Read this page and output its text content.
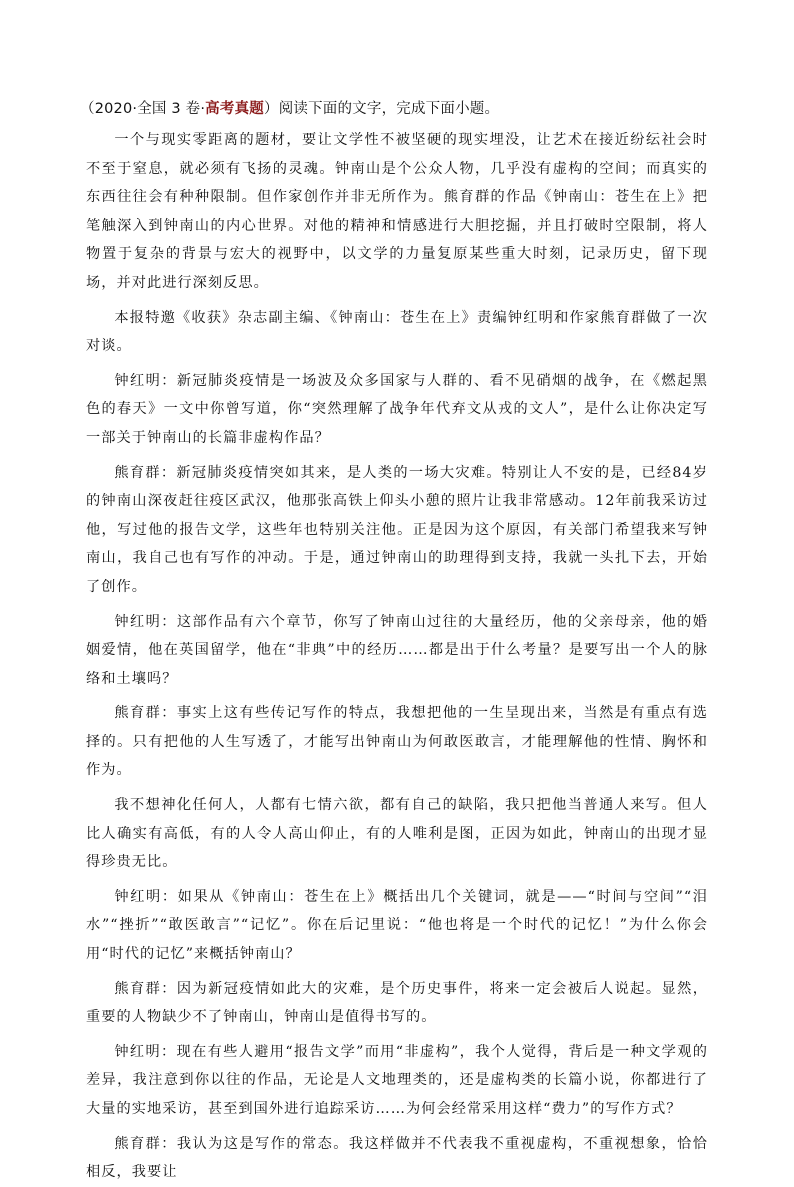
（2020·全国 3 卷·高考真题）阅读下面的文字，完成下面小题。

一个与现实零距离的题材，要让文学性不被坚硬的现实埋没，让艺术在接近纷纭社会时不至于窒息，就必须有飞扬的灵魂。钟南山是个公众人物，几乎没有虚构的空间；而真实的东西往往会有种种限制。但作家创作并非无所作为。熊育群的作品《钟南山：苍生在上》把笔触深入到钟南山的内心世界。对他的精神和情感进行大胆挖掘，并且打破时空限制，将人物置于复杂的背景与宏大的视野中，以文学的力量复原某些重大时刻，记录历史，留下现场，并对此进行深刻反思。

本报特邀《收获》杂志副主编、《钟南山：苍生在上》责编钟红明和作家熊育群做了一次对谈。

钟红明：新冠肺炎疫情是一场波及众多国家与人群的、看不见硝烟的战争，在《燃起黑色的春天》一文中你曾写道，你“突然理解了战争年代弃文从戎的文人”，是什么让你决定写一部关于钟南山的长篇非虚构作品？

熊育群：新冠肺炎疫情突如其来，是人类的一场大灾难。特别让人不安的是，已经84岁的钟南山深夜赶往疫区武汉，他那张高铁上仰头小憩的照片让我非常感动。12年前我采访过他，写过他的报告文学，这些年也特别关注他。正是因为这个原因，有关部门希望我来写钟南山，我自己也有写作的冲动。于是，通过钟南山的助理得到支持，我就一头扎下去，开始了创作。

钟红明：这部作品有六个章节，你写了钟南山过往的大量经历，他的父亲母亲，他的婚姻爱情，他在英国留学，他在“非典”中的经历……都是出于什么考量？是要写出一个人的脉络和土壤吗？

熊育群：事实上这有些传记写作的特点，我想把他的一生呈现出来，当然是有重点有选择的。只有把他的人生写透了，才能写出钟南山为何敢医敢言，才能理解他的性情、胸怀和作为。

我不想神化任何人，人都有七情六欲，都有自己的缺陷，我只把他当普通人来写。但人比人确实有高低，有的人令人高山仰止，有的人唯利是图，正因为如此，钟南山的出现才显得珍贵无比。

钟红明：如果从《钟南山：苍生在上》概括出几个关键词，就是——“时间与空间”“泪水”“挫折”“敢医敢言”“记忆”。你在后记里说：“他也将是一个时代的记忆！”为什么你会用“时代的记忆”来概括钟南山？

熊育群：因为新冠疫情如此大的灾难，是个历史事件，将来一定会被后人说起。显然，重要的人物缺少不了钟南山，钟南山是值得书写的。

钟红明：现在有些人避用“报告文学”而用“非虚构”，我个人觉得，背后是一种文学观的差异，我注意到你以往的作品，无论是人文地理类的，还是虚构类的长篇小说，你都进行了大量的实地采访，甚至到国外进行追踪采访……为何会经常采用这样“费力”的写作方式？

熊育群：我认为这是写作的常态。我这样做并不代表我不重视虚构，不重视想象，恰恰相反，我要让
